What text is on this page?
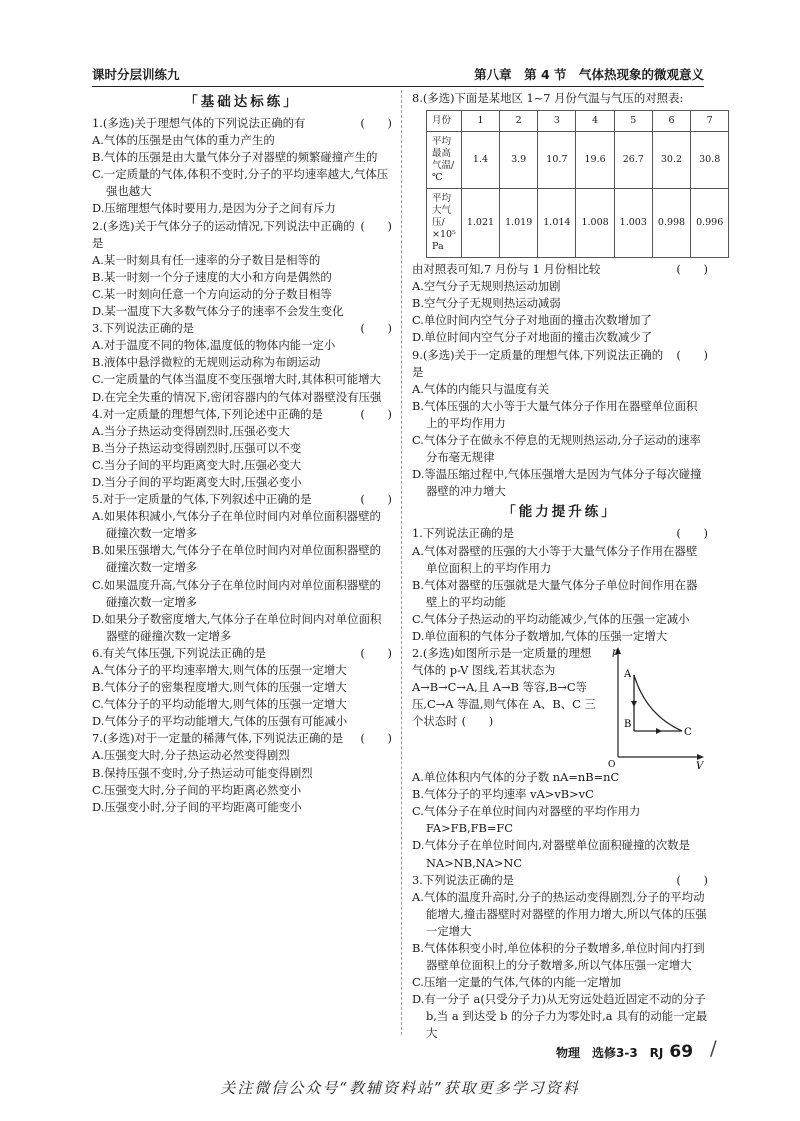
课时分层训练九	第八章　第 4 节　气体热现象的微观意义
「基础达标练」
1.(多选)关于理想气体的下列说法正确的有	(　　)
A.气体的压强是由气体的重力产生的
B.气体的压强是由大量气体分子对器壁的频繁碰撞产生的
C.一定质量的气体,体积不变时,分子的平均速率越大,气体压强也越大
D.压缩理想气体时要用力,是因为分子之间有斥力
2.(多选)关于气体分子的运动情况,下列说法中正确的是
(　　)
A.某一时刻具有任一速率的分子数目是相等的
B.某一时刻一个分子速度的大小和方向是偶然的
C.某一时刻向任意一个方向运动的分子数目相等
D.某一温度下大多数气体分子的速率不会发生变化
3.下列说法正确的是	(　　)
A.对于温度不同的物体,温度低的物体内能一定小
B.液体中悬浮微粒的无规则运动称为布朗运动
C.一定质量的气体当温度不变压强增大时,其体积可能增大
D.在完全失重的情况下,密闭容器内的气体对器壁没有压强
4.对一定质量的理想气体,下列论述中正确的是	(　　)
A.当分子热运动变得剧烈时,压强必变大
B.当分子热运动变得剧烈时,压强可以不变
C.当分子间的平均距离变大时,压强必变大
D.当分子间的平均距离变大时,压强必变小
5.对于一定质量的气体,下列叙述中正确的是	(　　)
A.如果体积减小,气体分子在单位时间内对单位面积器壁的碰撞次数一定增多
B.如果压强增大,气体分子在单位时间内对单位面积器壁的碰撞次数一定增多
C.如果温度升高,气体分子在单位时间内对单位面积器壁的碰撞次数一定增多
D.如果分子数密度增大,气体分子在单位时间内对单位面积器壁的碰撞次数一定增多
6.有关气体压强,下列说法正确的是	(　　)
A.气体分子的平均速率增大,则气体的压强一定增大
B.气体分子的密集程度增大,则气体的压强一定增大
C.气体分子的平均动能增大,则气体的压强一定增大
D.气体分子的平均动能增大,气体的压强有可能减小
7.(多选)对于一定量的稀薄气体,下列说法正确的是	(　　)
A.压强变大时,分子热运动必然变得剧烈
B.保持压强不变时,分子热运动可能变得剧烈
C.压强变大时,分子间的平均距离必然变小
D.压强变小时,分子间的平均距离可能变小
8.(多选)下面是某地区 1~7 月份气温与气压的对照表:
月份	1	2	3	4	5	6	7
平均最高气温/℃	1.4	3.9	10.7	19.6	26.7	30.2	30.8
平均大气压/×10⁵ Pa	1.021	1.019	1.014	1.008	1.003	0.998	0.996
由对照表可知,7 月份与 1 月份相比较	(　　)
A.空气分子无规则热运动加剧
B.空气分子无规则热运动减弱
C.单位时间内空气分子对地面的撞击次数增加了
D.单位时间内空气分子对地面的撞击次数减少了
9.(多选)关于一定质量的理想气体,下列说法正确的是
(　　)
A.气体的内能只与温度有关
B.气体压强的大小等于大量气体分子作用在器壁单位面积上的平均作用力
C.气体分子在做永不停息的无规则热运动,分子运动的速率分布毫无规律
D.等温压缩过程中,气体压强增大是因为气体分子每次碰撞器壁的冲力增大
「能力提升练」
1.下列说法正确的是	(　　)
A.气体对器壁的压强的大小等于大量气体分子作用在器壁单位面积上的平均作用力
B.气体对器壁的压强就是大量气体分子单位时间作用在器壁上的平均动能
C.气体分子热运动的平均动能减少,气体的压强一定减小
D.单位面积的气体分子数增加,气体的压强一定增大
2.(多选)如图所示是一定质量的理想气体的 p-V 图线,若其状态为 A→B→C→A,且 A→B 等容,B→C等压,C→A 等温,则气体在 A、B、C 三个状态时 (　　)
p
V
O
A
B
C
A.单位体积内气体的分子数 nA=nB=nC
B.气体分子的平均速率 vA>vB>vC
C.气体分子在单位时间内对器壁的平均作用力 FA>FB,FB=FC
D.气体分子在单位时间内,对器壁单位面积碰撞的次数是 NA>NB,NA>NC
3.下列说法正确的是	(　　)
A.气体的温度升高时,分子的热运动变得剧烈,分子的平均动能增大,撞击器壁时对器壁的作用力增大,所以气体的压强一定增大
B.气体体积变小时,单位体积的分子数增多,单位时间内打到器壁单位面积上的分子数增多,所以气体压强一定增大
C.压缩一定量的气体,气体的内能一定增加
D.有一分子 a(只受分子力)从无穷远处趋近固定不动的分子 b,当 a 到达受 b 的分子力为零处时,a 具有的动能一定最大
物理　选修3-3　RJ 69 /
关注微信公众号“教辅资料站”获取更多学习资料
